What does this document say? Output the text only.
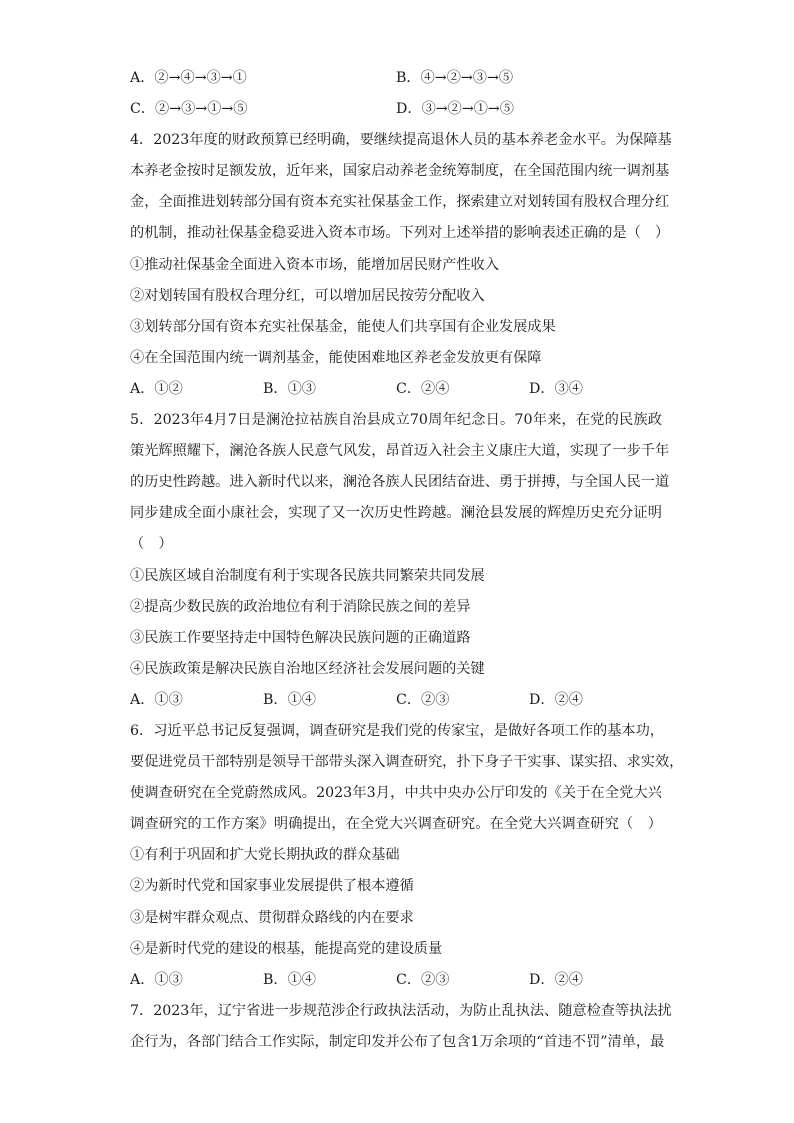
A．②→④→③→①	B．④→②→③→⑤
C．②→③→①→⑤	D．③→②→①→⑤
4．2023年度的财政预算已经明确，要继续提高退休人员的基本养老金水平。为保障基
本养老金按时足额发放，近年来，国家启动养老金统筹制度，在全国范围内统一调剂基
金，全面推进划转部分国有资本充实社保基金工作，探索建立对划转国有股权合理分红
的机制，推动社保基金稳妥进入资本市场。下列对上述举措的影响表述正确的是（　）
①推动社保基金全面进入资本市场，能增加居民财产性收入
②对划转国有股权合理分红，可以增加居民按劳分配收入
③划转部分国有资本充实社保基金，能使人们共享国有企业发展成果
④在全国范围内统一调剂基金，能使困难地区养老金发放更有保障
A．①②	B．①③	C．②④	D．③④
5．2023年4月7日是澜沧拉祜族自治县成立70周年纪念日。70年来，在党的民族政
策光辉照耀下，澜沧各族人民意气风发，昂首迈入社会主义康庄大道，实现了一步千年
的历史性跨越。进入新时代以来，澜沧各族人民团结奋进、勇于拼搏，与全国人民一道
同步建成全面小康社会，实现了又一次历史性跨越。澜沧县发展的辉煌历史充分证明
（　）
①民族区域自治制度有利于实现各民族共同繁荣共同发展
②提高少数民族的政治地位有利于消除民族之间的差异
③民族工作要坚持走中国特色解决民族问题的正确道路
④民族政策是解决民族自治地区经济社会发展问题的关键
A．①③	B．①④	C．②③	D．②④
6．习近平总书记反复强调，调查研究是我们党的传家宝，是做好各项工作的基本功，
要促进党员干部特别是领导干部带头深入调查研究，扑下身子干实事、谋实招、求实效，
使调查研究在全党蔚然成风。2023年3月，中共中央办公厅印发的《关于在全党大兴
调查研究的工作方案》明确提出，在全党大兴调查研究。在全党大兴调查研究（　）
①有利于巩固和扩大党长期执政的群众基础
②为新时代党和国家事业发展提供了根本遵循
③是树牢群众观点、贯彻群众路线的内在要求
④是新时代党的建设的根基，能提高党的建设质量
A．①③	B．①④	C．②③	D．②④
7．2023年，辽宁省进一步规范涉企行政执法活动，为防止乱执法、随意检查等执法扰
企行为，各部门结合工作实际，制定印发并公布了包含1万余项的“首违不罚”清单，最
